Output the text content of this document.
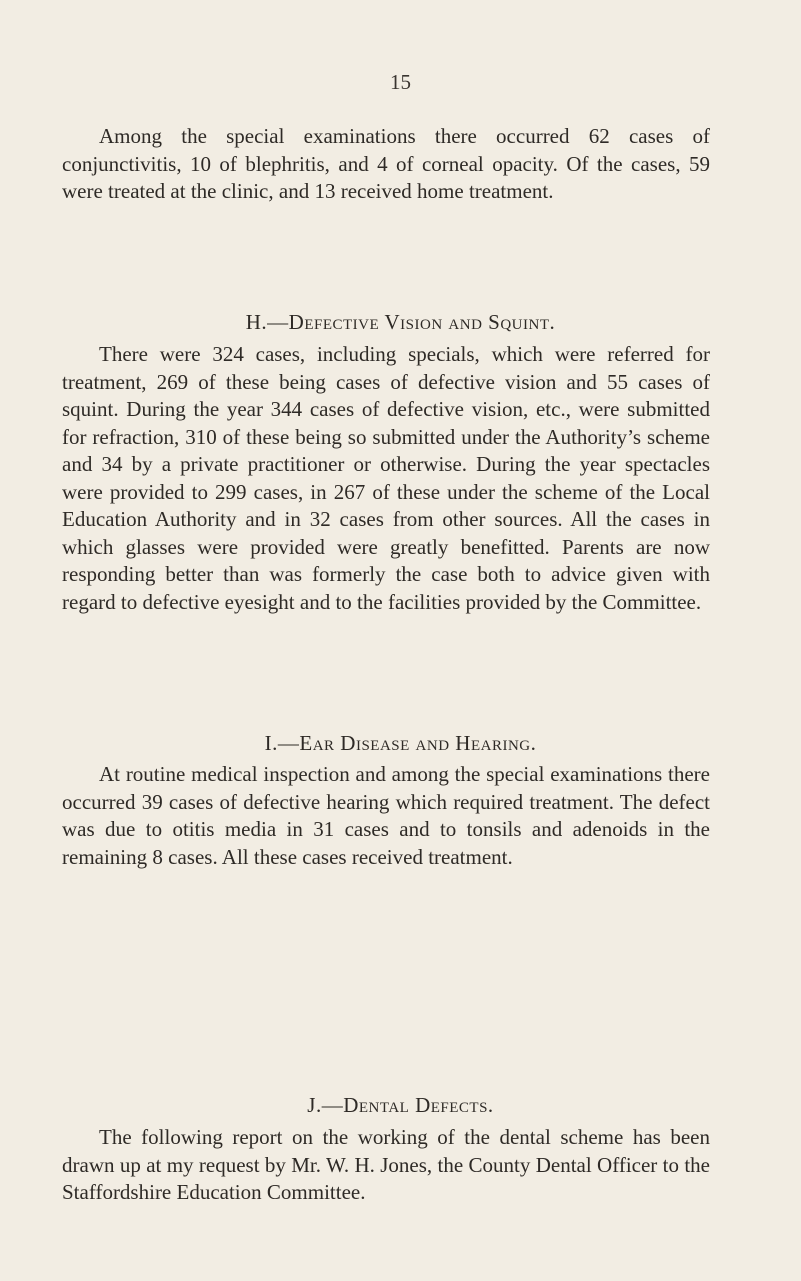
15

Among the special examinations there occurred 62 cases of conjunctivitis, 10 of blephritis, and 4 of corneal opacity. Of the cases, 59 were treated at the clinic, and 13 received home treatment.

H.—Defective Vision and Squint.

There were 324 cases, including specials, which were referred for treatment, 269 of these being cases of defective vision and 55 cases of squint. During the year 344 cases of defective vision, etc., were submitted for refraction, 310 of these being so submitted under the Authority’s scheme and 34 by a private practitioner or otherwise. During the year spectacles were provided to 299 cases, in 267 of these under the scheme of the Local Education Authority and in 32 cases from other sources. All the cases in which glasses were provided were greatly benefitted. Parents are now responding better than was formerly the case both to advice given with regard to defective eyesight and to the facilities provided by the Committee.

I.—Ear Disease and Hearing.

At routine medical inspection and among the special examinations there occurred 39 cases of defective hearing which required treatment. The defect was due to otitis media in 31 cases and to tonsils and adenoids in the remaining 8 cases. All these cases received treatment.

J.—Dental Defects.

The following report on the working of the dental scheme has been drawn up at my request by Mr. W. H. Jones, the County Dental Officer to the Staffordshire Education Committee.
